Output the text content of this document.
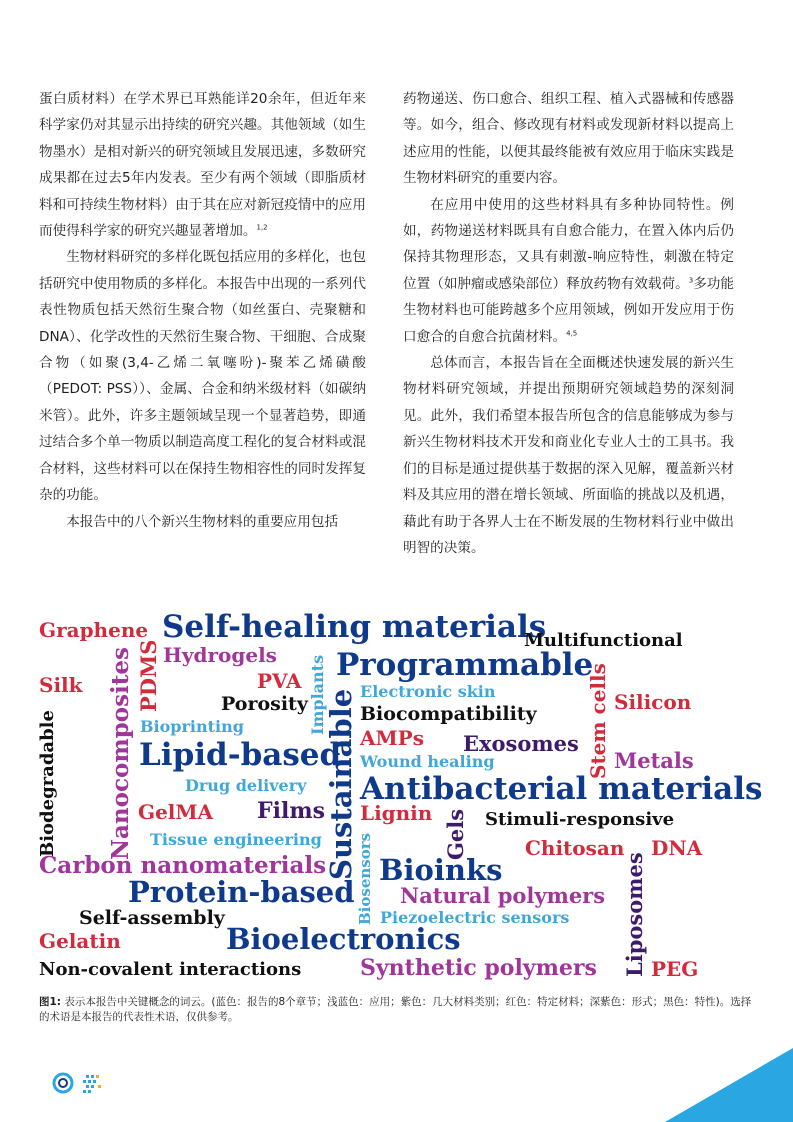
蛋白质材料）在学术界已耳熟能详20余年，但近年来科学家仍对其显示出持续的研究兴趣。其他领域（如生物墨水）是相对新兴的研究领域且发展迅速，多数研究成果都在过去5年内发表。至少有两个领域（即脂质材料和可持续生物材料）由于其在应对新冠疫情中的应用而使得科学家的研究兴趣显著增加。$^{1,2}$

生物材料研究的多样化既包括应用的多样化，也包括研究中使用物质的多样化。本报告中出现的一系列代表性物质包括天然衍生聚合物（如丝蛋白、壳聚糖和DNA）、化学改性的天然衍生聚合物、干细胞、合成聚合物（如聚(3,4-乙烯二氧噻吩)-聚苯乙烯磺酸（PEDOT: PSS））、金属、合金和纳米级材料（如碳纳米管）。此外，许多主题领域呈现一个显著趋势，即通过结合多个单一物质以制造高度工程化的复合材料或混合材料，这些材料可以在保持生物相容性的同时发挥复杂的功能。

本报告中的八个新兴生物材料的重要应用包括

药物递送、伤口愈合、组织工程、植入式器械和传感器等。如今，组合、修改现有材料或发现新材料以提高上述应用的性能，以便其最终能被有效应用于临床实践是生物材料研究的重要内容。

在应用中使用的这些材料具有多种协同特性。例如，药物递送材料既具有自愈合能力，在置入体内后仍保持其物理形态，又具有刺激-响应特性，刺激在特定位置（如肿瘤或感染部位）释放药物有效载荷。$^3$多功能生物材料也可能跨越多个应用领域，例如开发应用于伤口愈合的自愈合抗菌材料。$^{4,5}$

总体而言，本报告旨在全面概述快速发展的新兴生物材料研究领域，并提出预期研究领域趋势的深刻洞见。此外，我们希望本报告所包含的信息能够成为参与新兴生物材料技术开发和商业化专业人士的工具书。我们的目标是通过提供基于数据的深入见解，覆盖新兴材料及其应用的潜在增长领域、所面临的挑战以及机遇，藉此有助于各界人士在不断发展的生物材料行业中做出明智的决策。

Self-healing materials
Graphene	Multifunctional
Hydrogels Programmable
Silk	PVA	Electronic skin	Silicon
Porosity	Biocompatibility
Bioprinting	AMPs Exosomes
Lipid-based Wound healing	Metals
Drug delivery Antibacterial materials
GelMA Films Lignin	Stimuli-responsive
Tissue engineering	Chitosan DNA
Carbon nanomaterials Bioinks
Protein-based Natural polymers
Self-assembly	Piezoelectric sensors
Gelatin	Bioelectronics
Non-covalent interactions	Synthetic polymers	PEG
Biodegradable Nanocomposites PDMS	Implants
Sustainable
Biosensors	Gels
Stem cells
Liposomes
图1: 表示本报告中关键概念的词云。(蓝色：报告的8个章节；浅蓝色：应用；紫色：几大材料类别；红色：特定材料；深紫色：形式；黑色：特性)。选择的术语是本报告的代表性术语，仅供参考。
